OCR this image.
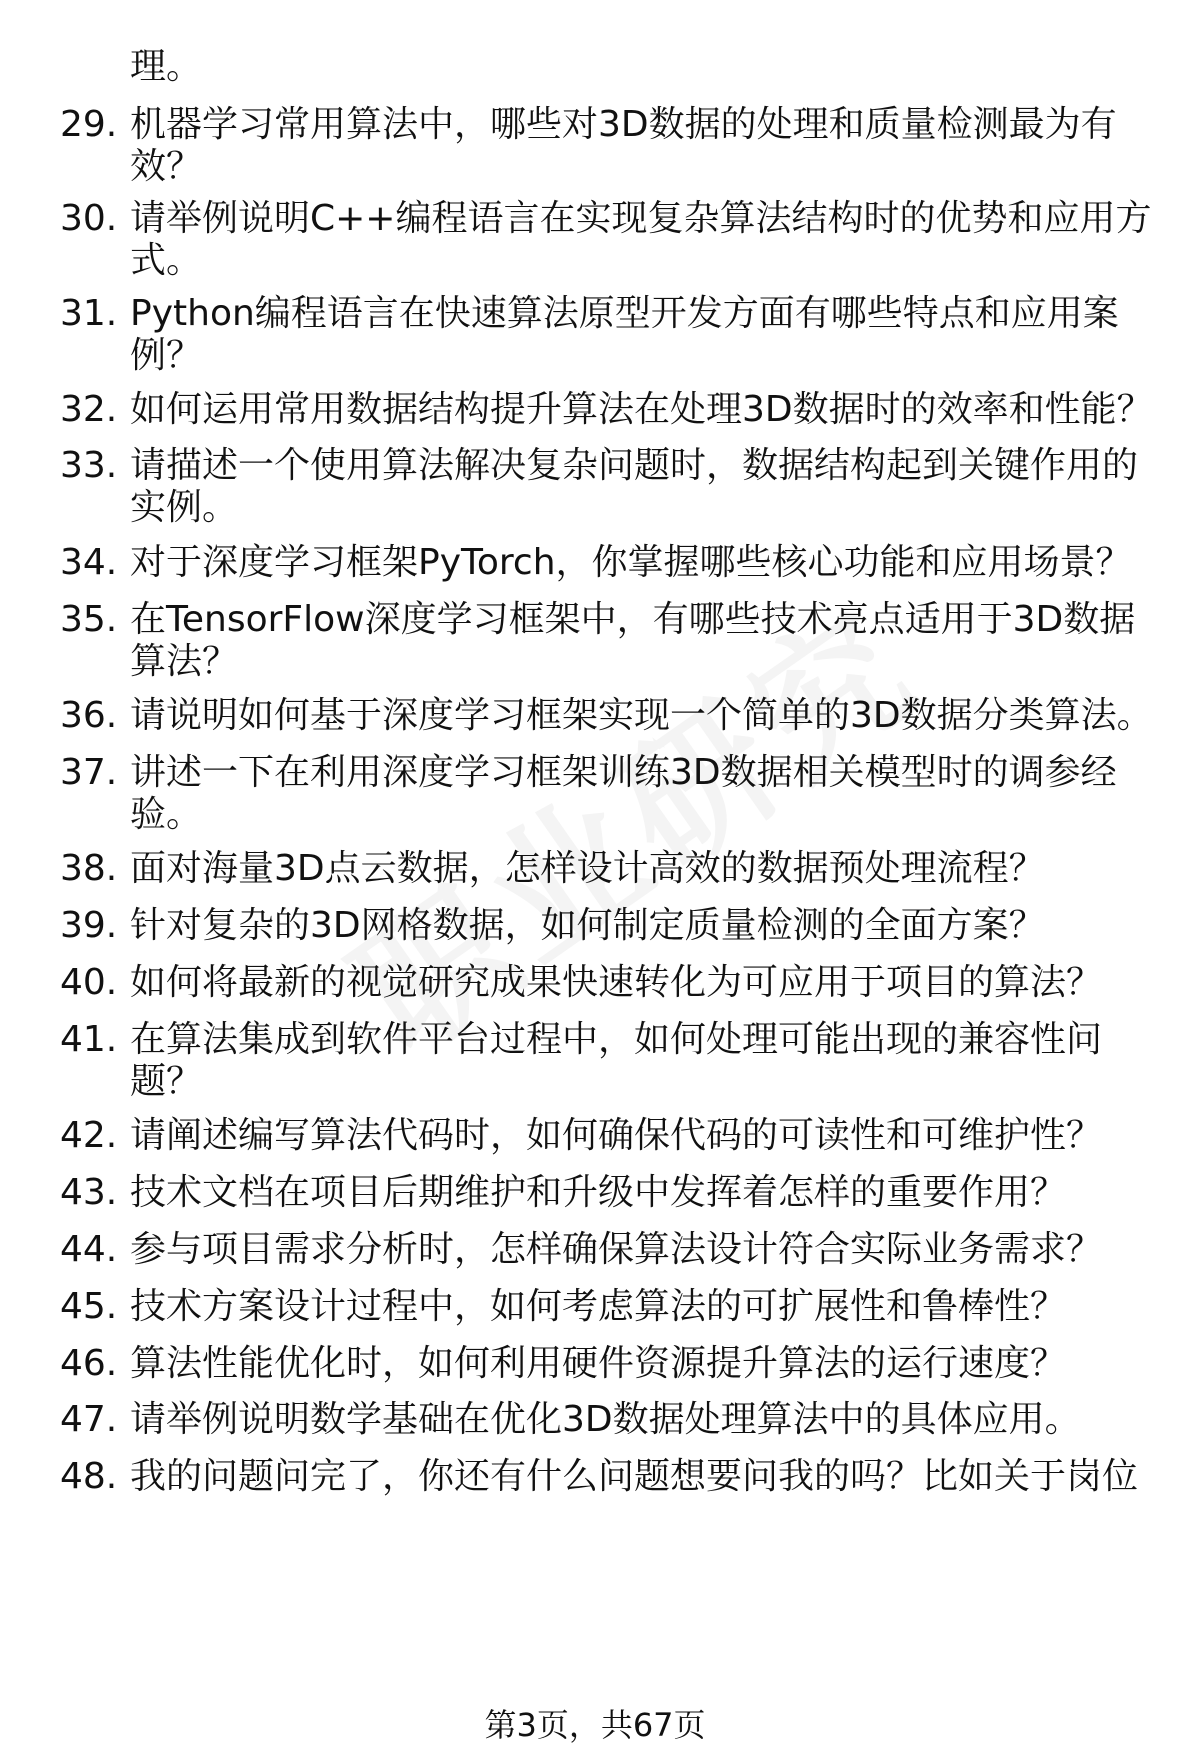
理。
29. 机器学习常用算法中，哪些对3D数据的处理和质量检测最为有效？
30. 请举例说明C++编程语言在实现复杂算法结构时的优势和应用方式。
31. Python编程语言在快速算法原型开发方面有哪些特点和应用案例？
32. 如何运用常用数据结构提升算法在处理3D数据时的效率和性能？
33. 请描述一个使用算法解决复杂问题时，数据结构起到关键作用的实例。
34. 对于深度学习框架PyTorch，你掌握哪些核心功能和应用场景？
35. 在TensorFlow深度学习框架中，有哪些技术亮点适用于3D数据算法？
36. 请说明如何基于深度学习框架实现一个简单的3D数据分类算法。
37. 讲述一下在利用深度学习框架训练3D数据相关模型时的调参经验。
38. 面对海量3D点云数据，怎样设计高效的数据预处理流程？
39. 针对复杂的3D网格数据，如何制定质量检测的全面方案？
40. 如何将最新的视觉研究成果快速转化为可应用于项目的算法？
41. 在算法集成到软件平台过程中，如何处理可能出现的兼容性问题？
42. 请阐述编写算法代码时，如何确保代码的可读性和可维护性？
43. 技术文档在项目后期维护和升级中发挥着怎样的重要作用？
44. 参与项目需求分析时，怎样确保算法设计符合实际业务需求？
45. 技术方案设计过程中，如何考虑算法的可扩展性和鲁棒性？
46. 算法性能优化时，如何利用硬件资源提升算法的运行速度？
47. 请举例说明数学基础在优化3D数据处理算法中的具体应用。
48. 我的问题问完了，你还有什么问题想要问我的吗？比如关于岗位
第3页，共67页
